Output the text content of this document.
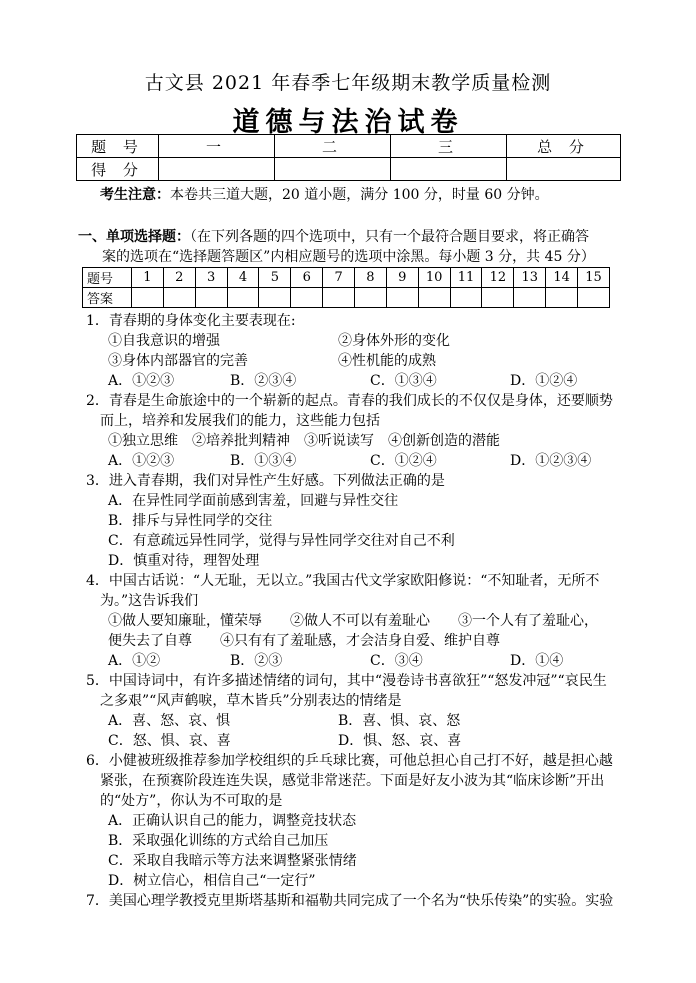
古文县 2021 年春季七年级期末教学质量检测
道德与法治试卷
题 号	一	二	三	总 分
得 分				
考生注意：本卷共三道大题，20 道小题，满分 100 分，时量 60 分钟。
一、单项选择题：（在下列各题的四个选项中，只有一个最符合题目要求，将正确答
案的选项在“选择题答题区”内相应题号的选项中涂黑。每小题 3 分，共 45 分）
题号	1	2	3	4	5	6	7	8	9	10	11	12	13	14	15
答案															
1．青春期的身体变化主要表现在:
①自我意识的增强	②身体外形的变化
③身体内部器官的完善	④性机能的成熟
A．①②③	B．②③④	C．①③④	D．①②④
2．青春是生命旅途中的一个崭新的起点。青春的我们成长的不仅仅是身体，还要顺势而上，培养和发展我们的能力，这些能力包括
①独立思维　②培养批判精神　③听说读写　④创新创造的潜能
A．①②③	B．①③④	C．①②④	D．①②③④
3．进入青春期，我们对异性产生好感。下列做法正确的是
A．在异性同学面前感到害羞，回避与异性交往
B．排斥与异性同学的交往
C．有意疏远异性同学，觉得与异性同学交往对自己不利
D．慎重对待，理智处理
4．中国古话说：“人无耻，无以立。”我国古代文学家欧阳修说：“不知耻者，无所不为。”这告诉我们
①做人要知廉耻，懂荣辱　　②做人不可以有羞耻心　　③一个人有了羞耻心，
便失去了自尊　　④只有有了羞耻感，才会洁身自爱、维护自尊
A．①②	B．②③	C．③④	D．①④
5．中国诗词中，有许多描述情绪的词句，其中“漫卷诗书喜欲狂”“怒发冲冠”“哀民生之多艰”“风声鹤唳，草木皆兵”分别表达的情绪是
A．喜、怒、哀、惧	B．喜、惧、哀、怒
C．怒、惧、哀、喜	D．惧、怒、哀、喜
6．小健被班级推荐参加学校组织的乒乓球比赛，可他总担心自己打不好，越是担心越紧张，在预赛阶段连连失误，感觉非常迷茫。下面是好友小波为其“临床诊断”开出的“处方”，你认为不可取的是
A．正确认识自己的能力，调整竞技状态
B．采取强化训练的方式给自己加压
C．采取自我暗示等方法来调整紧张情绪
D．树立信心，相信自己“一定行”
7．美国心理学教授克里斯塔基斯和福勒共同完成了一个名为“快乐传染”的实验。实验
